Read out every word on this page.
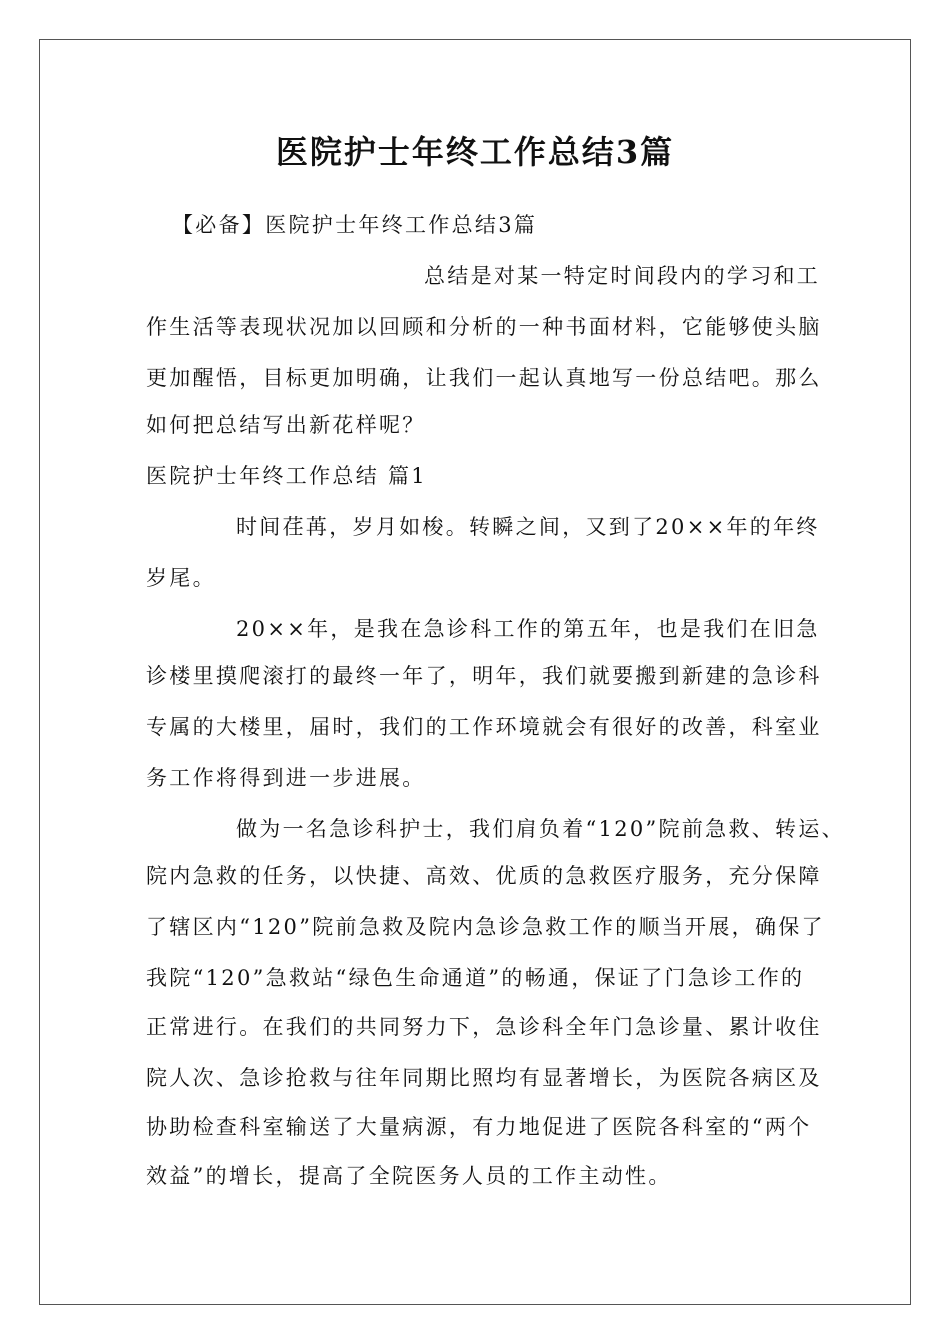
医院护士年终工作总结3篇
【必备】医院护士年终工作总结3篇
总结是对某一特定时间段内的学习和工
作生活等表现状况加以回顾和分析的一种书面材料，它能够使头脑
更加醒悟，目标更加明确，让我们一起认真地写一份总结吧。那么
如何把总结写出新花样呢？
医院护士年终工作总结 篇1
时间荏苒，岁月如梭。转瞬之间，又到了20××年的年终
岁尾。
20××年，是我在急诊科工作的第五年，也是我们在旧急
诊楼里摸爬滚打的最终一年了，明年，我们就要搬到新建的急诊科
专属的大楼里，届时，我们的工作环境就会有很好的改善，科室业
务工作将得到进一步进展。
做为一名急诊科护士，我们肩负着“120”院前急救、转运、
院内急救的任务，以快捷、高效、优质的急救医疗服务，充分保障
了辖区内“120”院前急救及院内急诊急救工作的顺当开展，确保了
我院“120”急救站“绿色生命通道”的畅通，保证了门急诊工作的
正常进行。在我们的共同努力下，急诊科全年门急诊量、累计收住
院人次、急诊抢救与往年同期比照均有显著增长，为医院各病区及
协助检查科室输送了大量病源，有力地促进了医院各科室的“两个
效益”的增长，提高了全院医务人员的工作主动性。
